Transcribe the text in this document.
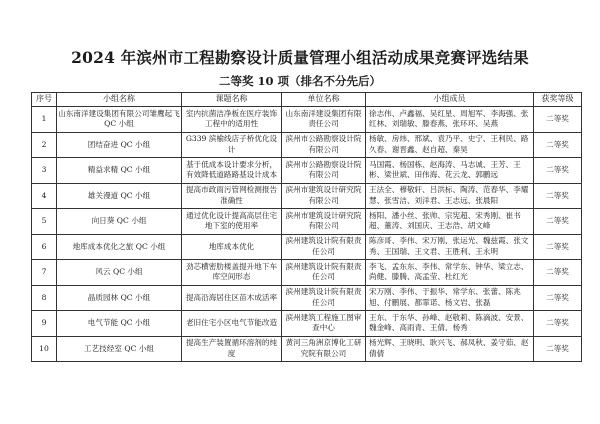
2024 年滨州市工程勘察设计质量管理小组活动成果竞赛评选结果
二等奖 10 项（排名不分先后）
序号	小组名称	课题名称	单位名称	小组成员	获奖等级
1	山东南洋建设集团有限公司雏鹰起飞 QC 小组	室内抗菌洁净板在医疗装饰工程中的适用性	山东南洋建设集团有限责任公司	徐志伟、卢鑫福、吴红星、周旭军、李海强、张红林、刘瑞敏、滕春燕、张环环、吴燕	二等奖
2	团结奋进 QC 小组	G339 滨榆线店子桥优化设计	滨州市公路勘察设计院有限公司	杨敏、房炜、邢斌、袁乃平、史宁、王利民、路久春、谢晋鑫、赵自超、秦昊	二等奖
3	精益求精 QC 小组	基于低成本设计要求分析，有效降低道路路基设计成本	滨州市公路勘察设计院有限公司	马国霞、杨国栋、赵海涛、马志诚、王芳、王彬、梁世斌、田伟海、花云龙、郭鹏远	二等奖
4	雄关漫道 QC 小组	提高市政雨污管网检测报告准确性	滨州市建筑设计研究院有限公司	王法全、穆敬轩、吕洪标、陶涛、范春华、李耀慧、张雪洁、刘洋君、王志远、张晨阳	二等奖
5	向日葵 QC 小组	通过优化设计提高高层住宅地下室的使用率	滨州市建筑设计研究院有限公司	杨阳、潘小丝、张帅、宗宪超、宋秀刚、崔书超、董涛、刘国庆、王志浩、胡文峰	二等奖
6	地库成本优化之旅 QC 小组	地库成本优化	滨州建筑设计院有限责任公司	陈彦哥、李伟、宋万刚、张运光、魏兹霞、张文秀、王国瑞、王文君、王胜利、王永明	二等奖
7	风云 QC 小组	劲芯横密肋楼盖提升地下车库空间形态	滨州建筑设计院有限责任公司	李飞、孟东东、李伟、常学东、钟华、梁立志、尚健、滕腾、高孟莹、杜红光	二等奖
8	晶质园林 QC 小组	提高沿海居住区苗木成活率	滨州建筑设计院有限责任公司	宋万刚、李伟、于振华、常学东、张蕾、陈兆旭、付鹏展、都霏诺、杨文岩、张磊	二等奖
9	电气节能 QC 小组	老旧住宅小区电气节能改造	滨州建筑工程施工图审查中心	王东、于东华、孙峰、赵敬莉、陈滴波、安景、魏金峰、高雨青、王倩、杨秀	二等奖
10	工艺技经室 QC 小组	提高生产装置循环溶剂的纯度	黄河三角洲京博化工研究院有限公司	杨光辉、王晓明、耿兴飞、郝凤秋、姜守茹、赵倩倩	二等奖
